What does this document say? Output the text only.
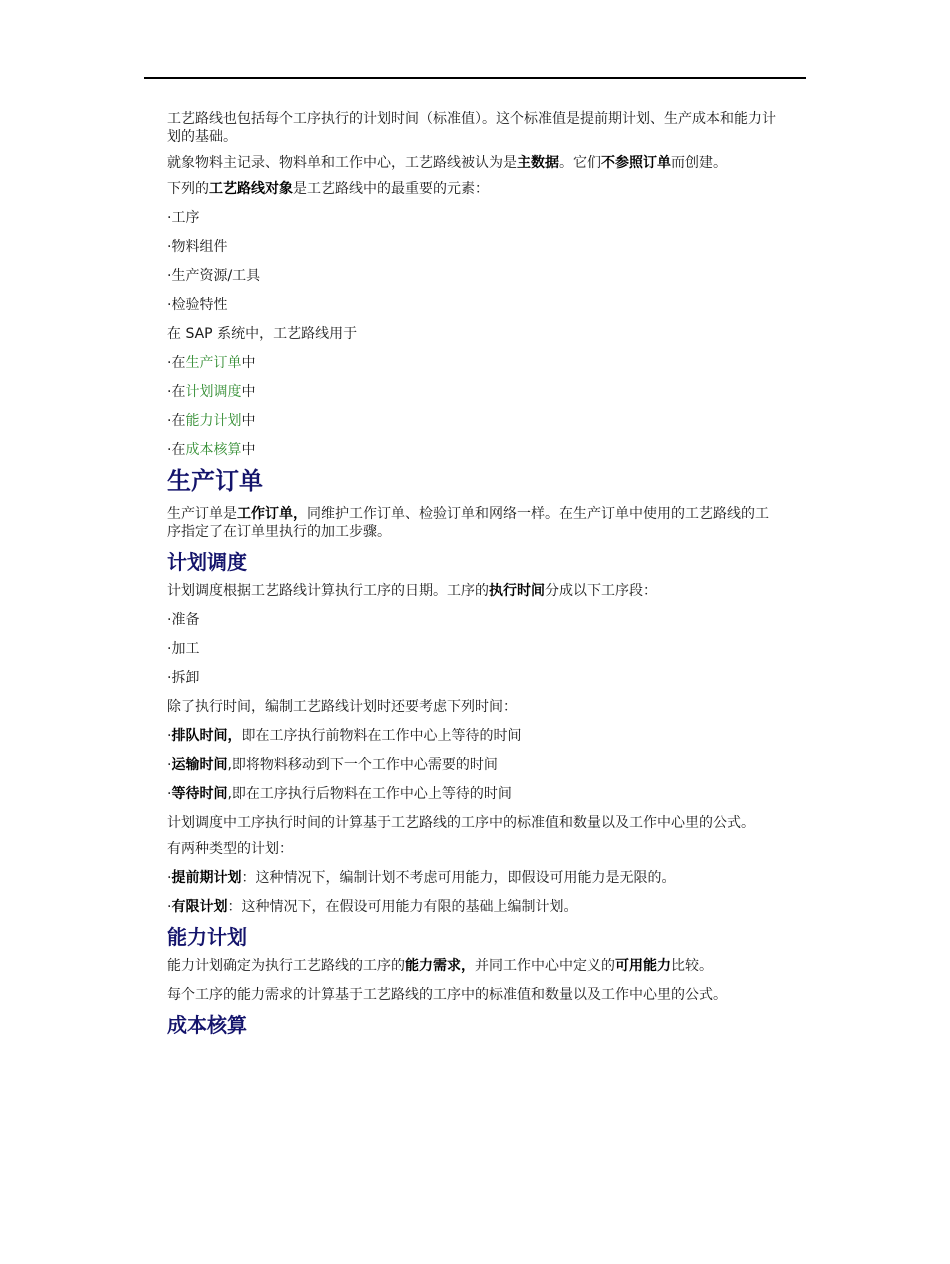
工艺路线也包括每个工序执行的计划时间（标准值）。这个标准值是提前期计划、生产成本和能力计划的基础。

就象物料主记录、物料单和工作中心，工艺路线被认为是主数据。它们不参照订单而创建。

下列的工艺路线对象是工艺路线中的最重要的元素：

·工序

·物料组件

·生产资源/工具

·检验特性

在 SAP 系统中，工艺路线用于

·在生产订单中

·在计划调度中

·在能力计划中

·在成本核算中

生产订单

生产订单是工作订单，同维护工作订单、检验订单和网络一样。在生产订单中使用的工艺路线的工序指定了在订单里执行的加工步骤。

计划调度

计划调度根据工艺路线计算执行工序的日期。工序的执行时间分成以下工序段：

·准备

·加工

·拆卸

除了执行时间，编制工艺路线计划时还要考虑下列时间：

·排队时间，即在工序执行前物料在工作中心上等待的时间

·运输时间,即将物料移动到下一个工作中心需要的时间

·等待时间,即在工序执行后物料在工作中心上等待的时间

计划调度中工序执行时间的计算基于工艺路线的工序中的标准值和数量以及工作中心里的公式。

有两种类型的计划：

·提前期计划：这种情况下，编制计划不考虑可用能力，即假设可用能力是无限的。

·有限计划：这种情况下，在假设可用能力有限的基础上编制计划。

能力计划

能力计划确定为执行工艺路线的工序的能力需求，并同工作中心中定义的可用能力比较。

每个工序的能力需求的计算基于工艺路线的工序中的标准值和数量以及工作中心里的公式。

成本核算
